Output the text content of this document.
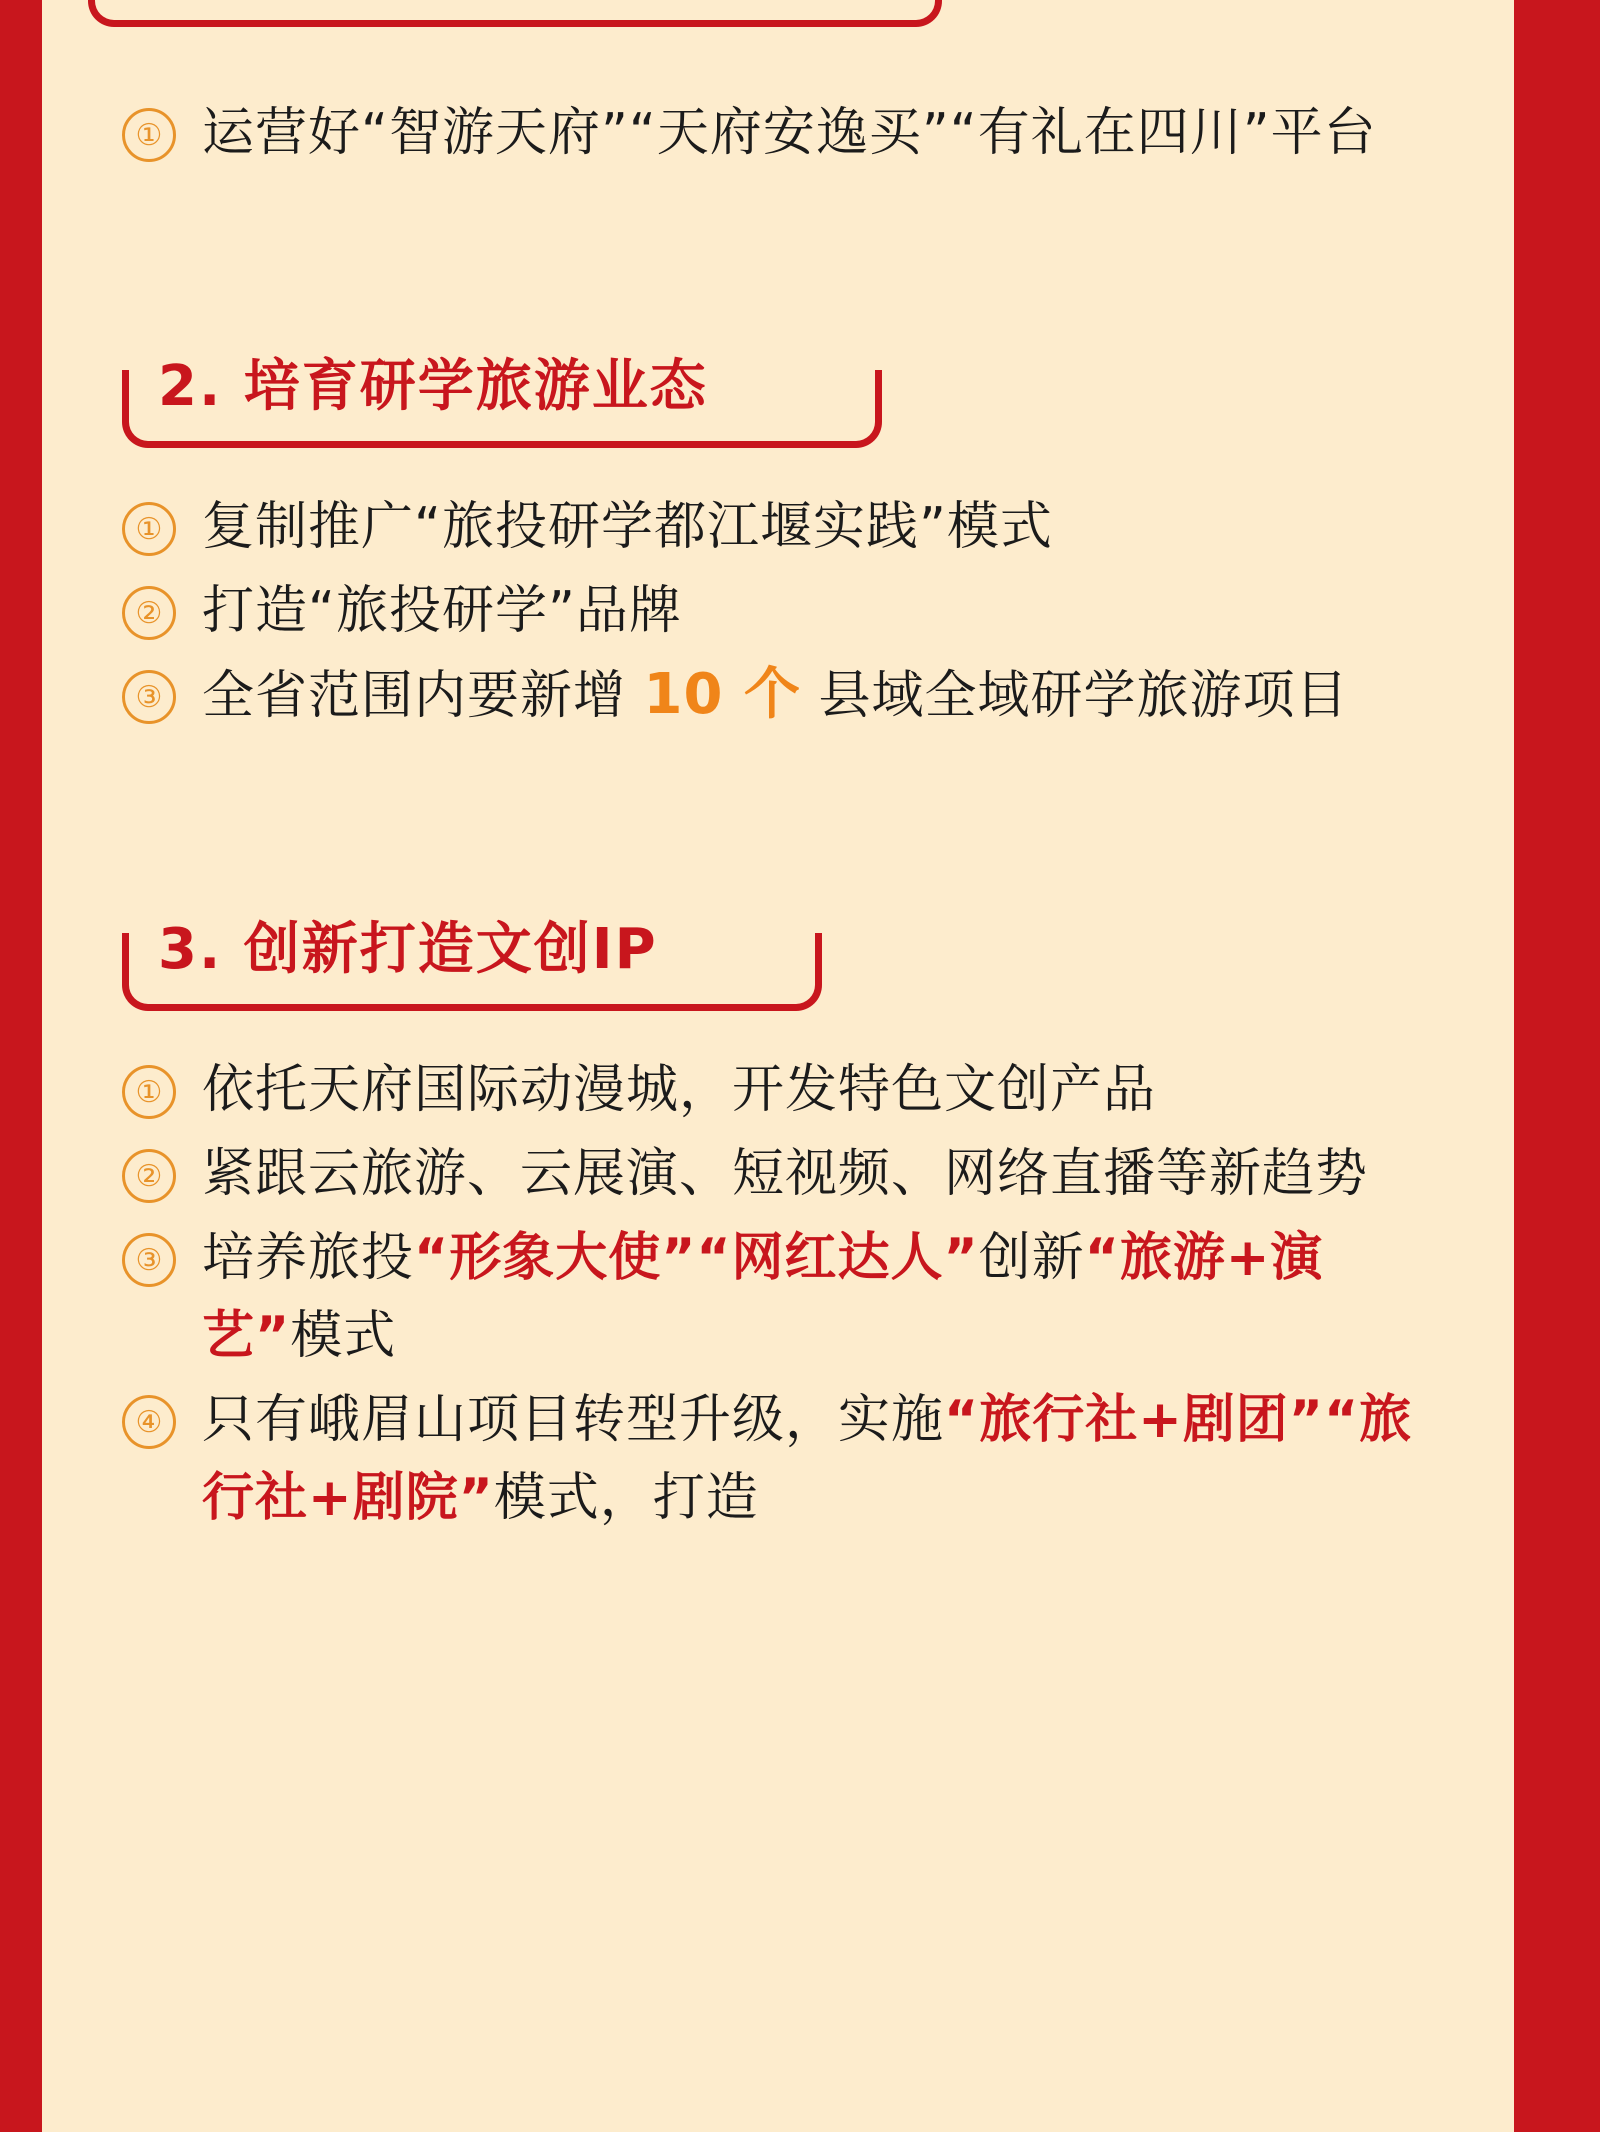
① 运营好“智游天府”“天府安逸买”“有礼在四川”平台
2. 培育研学旅游业态
① 复制推广“旅投研学都江堰实践”模式
② 打造“旅投研学”品牌
③ 全省范围内要新增 10 个 县域全域研学旅游项目
3. 创新打造文创IP
① 依托天府国际动漫城，开发特色文创产品
② 紧跟云旅游、云展演、短视频、网络直播等新趋势
③ 培养旅投“形象大使”“网红达人”创新“旅游+演艺”模式
④ 只有峨眉山项目转型升级，实施“旅行社+剧团”“旅行社+剧院”模式，打造
